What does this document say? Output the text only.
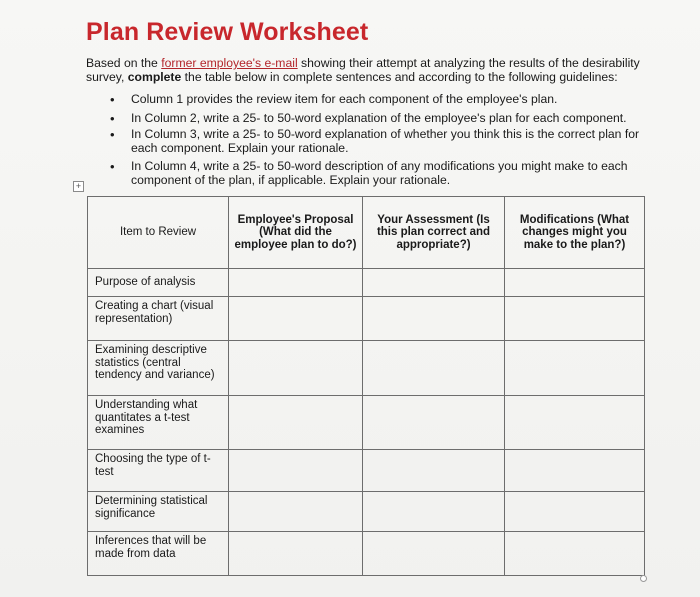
Plan Review Worksheet
Based on the former employee's e-mail showing their attempt at analyzing the results of the desirability survey, complete the table below in complete sentences and according to the following guidelines:
• Column 1 provides the review item for each component of the employee's plan.
• In Column 2, write a 25- to 50-word explanation of the employee's plan for each component.
• In Column 3, write a 25- to 50-word explanation of whether you think this is the correct plan for each component. Explain your rationale.
• In Column 4, write a 25- to 50-word description of any modifications you might make to each component of the plan, if applicable. Explain your rationale.
+
Item to Review	Employee's Proposal (What did the employee plan to do?)	Your Assessment (Is this plan correct and appropriate?)	Modifications (What changes might you make to the plan?)
Purpose of analysis			
Creating a chart (visual representation)			
Examining descriptive statistics (central tendency and variance)			
Understanding what quantitates a t-test examines			
Choosing the type of t-test			
Determining statistical significance			
Inferences that will be made from data			
